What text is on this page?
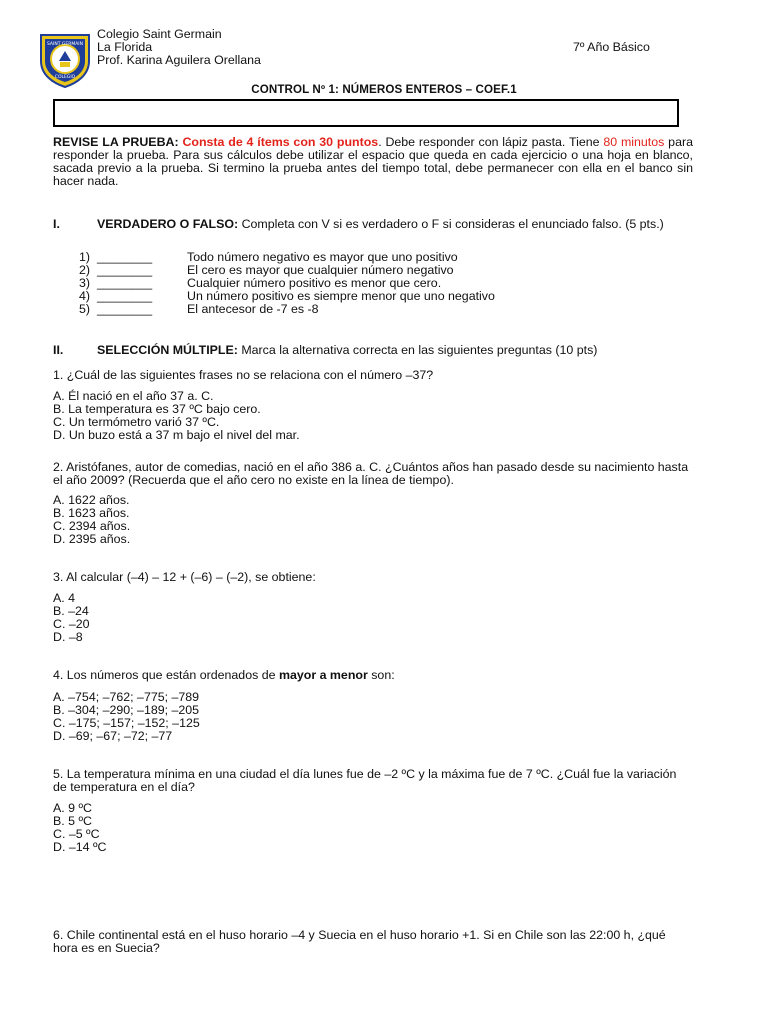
SAINT GERMAIN
COLEGIO
Colegio Saint Germain
La Florida
Prof. Karina Aguilera Orellana
7º Año Básico
CONTROL Nº 1: NÚMEROS ENTEROS – COEF.1
REVISE LA PRUEBA: Consta de 4 ítems con 30 puntos. Debe responder con lápiz pasta. Tiene 80 minutos para responder la prueba. Para sus cálculos debe utilizar el espacio que queda en cada ejercicio o una hoja en blanco, sacada previo a la prueba. Si termino la prueba antes del tiempo total, debe permanecer con ella en el banco sin hacer nada.
I.	VERDADERO O FALSO: Completa con V si es verdadero o F si consideras el enunciado falso. (5 pts.)
1) ________	Todo número negativo es mayor que uno positivo
2) ________	El cero es mayor que cualquier número negativo
3) ________	Cualquier número positivo es menor que cero.
4) ________	Un número positivo es siempre menor que uno negativo
5) ________	El antecesor de -7 es -8
II.	SELECCIÓN MÚLTIPLE: Marca la alternativa correcta en las siguientes preguntas (10 pts)
1. ¿Cuál de las siguientes frases no se relaciona con el número –37?
A. Él nació en el año 37 a. C.
B. La temperatura es 37 ºC bajo cero.
C. Un termómetro varió 37 ºC.
D. Un buzo está a 37 m bajo el nivel del mar.
2. Aristófanes, autor de comedias, nació en el año 386 a. C. ¿Cuántos años han pasado desde su nacimiento hasta el año 2009? (Recuerda que el año cero no existe en la línea de tiempo).
A. 1622 años.
B. 1623 años.
C. 2394 años.
D. 2395 años.
3. Al calcular (–4) – 12 + (–6) – (–2), se obtiene:
A. 4
B. –24
C. –20
D. –8
4. Los números que están ordenados de mayor a menor son:
A. –754; –762; –775; –789
B. –304; –290; –189; –205
C. –175; –157; –152; –125
D. –69; –67; –72; –77
5. La temperatura mínima en una ciudad el día lunes fue de –2 ºC y la máxima fue de 7 ºC. ¿Cuál fue la variación de temperatura en el día?
A. 9 ºC
B. 5 ºC
C. –5 ºC
D. –14 ºC
6. Chile continental está en el huso horario –4 y Suecia en el huso horario +1. Si en Chile son las 22:00 h, ¿qué hora es en Suecia?
